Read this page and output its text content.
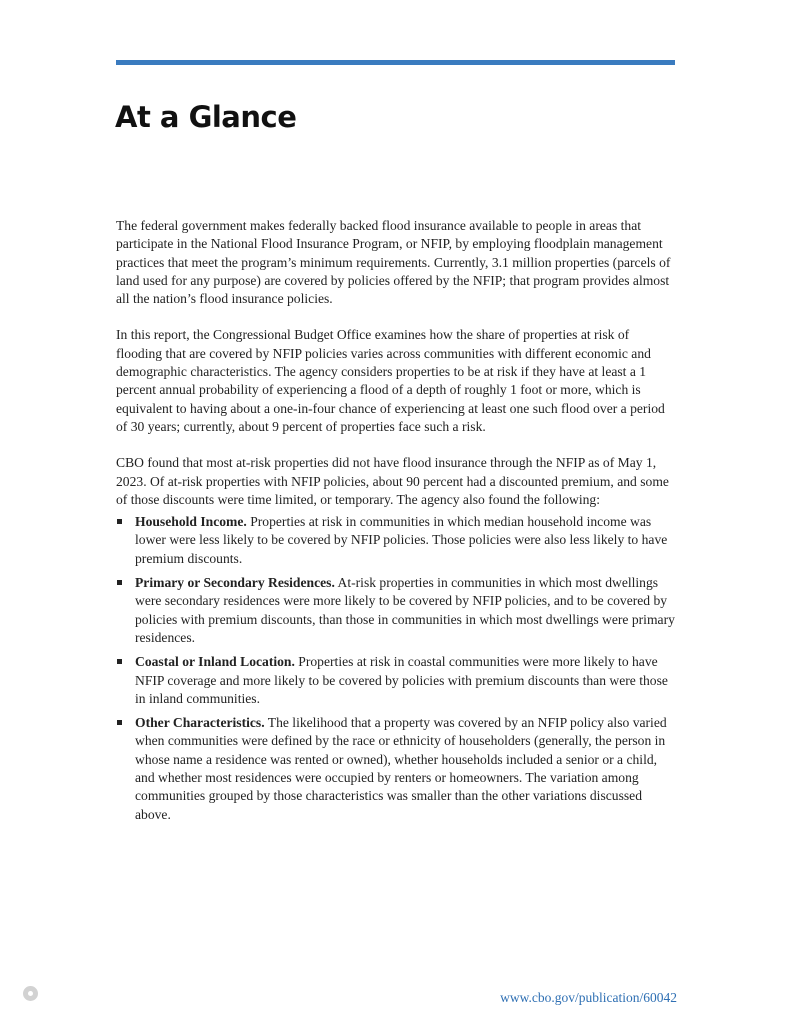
At a Glance

The federal government makes federally backed flood insurance available to people in areas that participate in the National Flood Insurance Program, or NFIP, by employing floodplain management practices that meet the program’s minimum requirements. Currently, 3.1 million properties (parcels of land used for any purpose) are covered by policies offered by the NFIP; that program provides almost all the nation’s flood insurance policies.

In this report, the Congressional Budget Office examines how the share of properties at risk of flooding that are covered by NFIP policies varies across communities with different economic and demographic characteristics. The agency considers properties to be at risk if they have at least a 1 percent annual probability of experiencing a flood of a depth of roughly 1 foot or more, which is equivalent to having about a one-in-four chance of experiencing at least one such flood over a period of 30 years; currently, about 9 percent of properties face such a risk.

CBO found that most at-risk properties did not have flood insurance through the NFIP as of May 1, 2023. Of at-risk properties with NFIP policies, about 90 percent had a discounted premium, and some of those discounts were time limited, or temporary. The agency also found the following:

Household Income. Properties at risk in communities in which median household income was lower were less likely to be covered by NFIP policies. Those policies were also less likely to have premium discounts.
Primary or Secondary Residences. At-risk properties in communities in which most dwellings were secondary residences were more likely to be covered by NFIP policies, and to be covered by policies with premium discounts, than those in communities in which most dwellings were primary residences.
Coastal or Inland Location. Properties at risk in coastal communities were more likely to have NFIP coverage and more likely to be covered by policies with premium discounts than were those in inland communities.
Other Characteristics. The likelihood that a property was covered by an NFIP policy also varied when communities were defined by the race or ethnicity of householders (generally, the person in whose name a residence was rented or owned), whether households included a senior or a child, and whether most residences were occupied by renters or homeowners. The variation among communities grouped by those characteristics was smaller than the other variations discussed above.
www.cbo.gov/publication/60042
